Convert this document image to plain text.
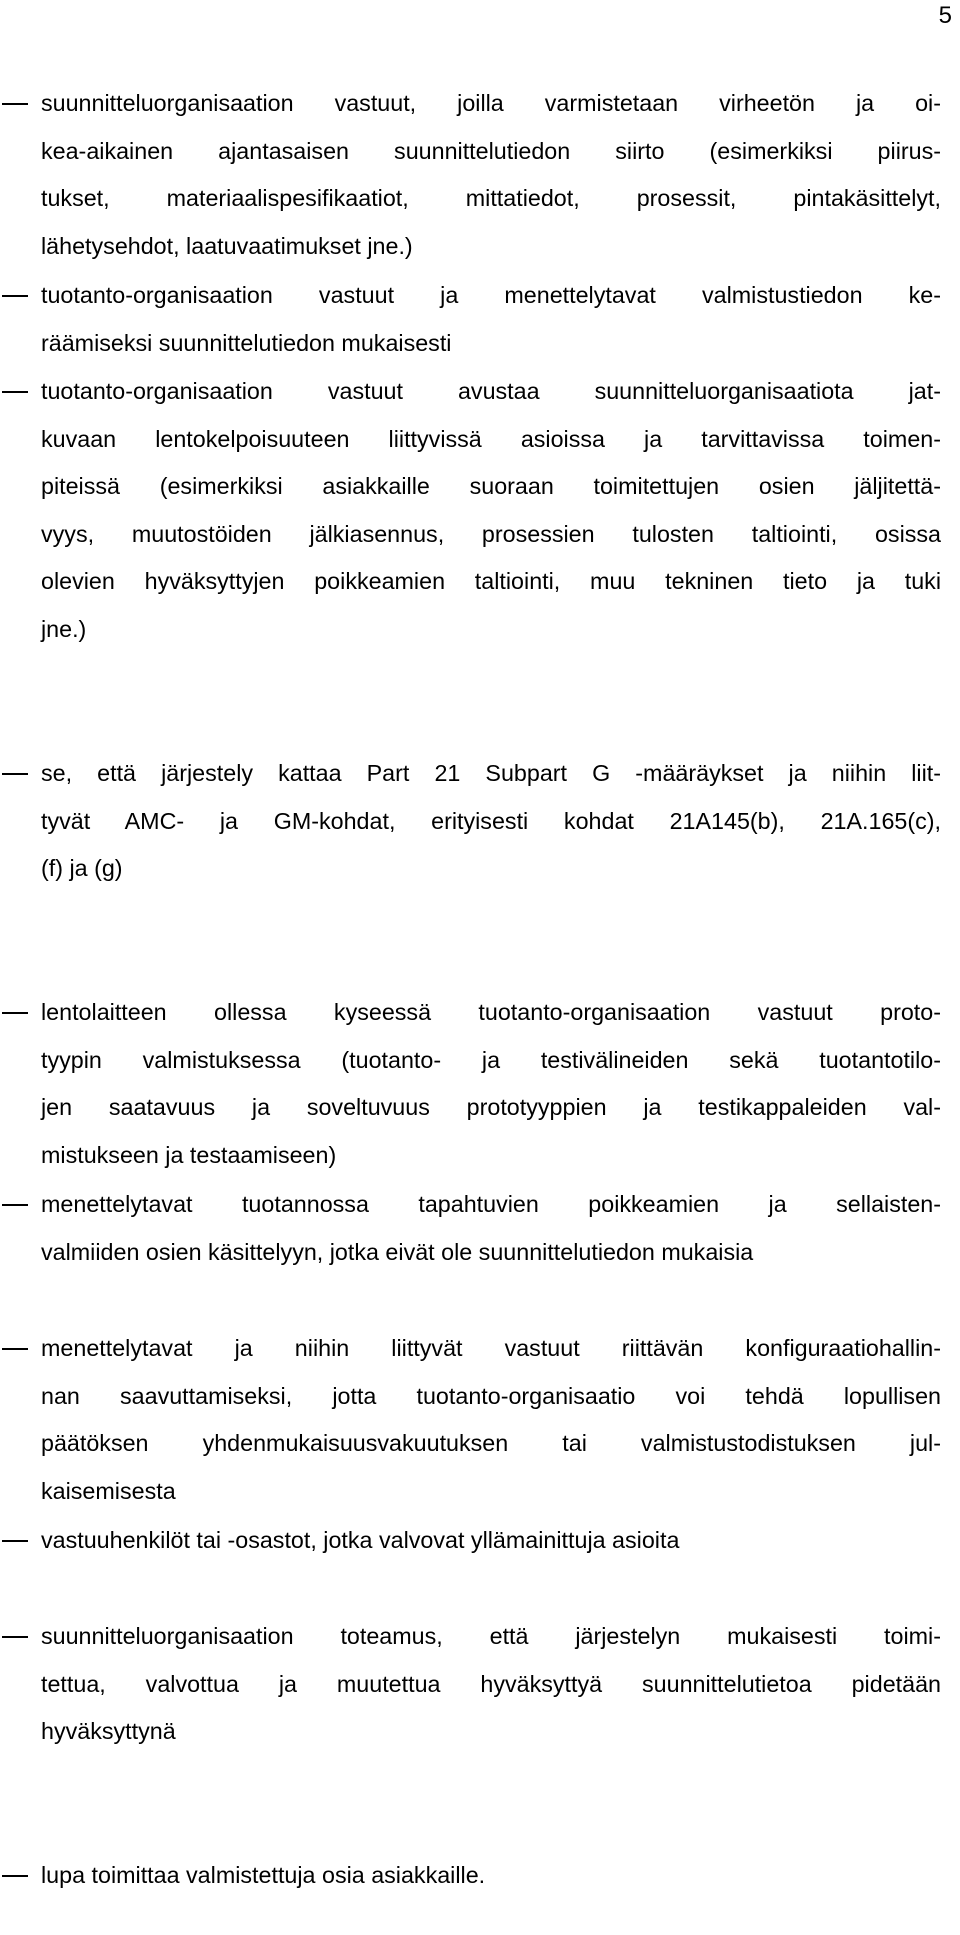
5

suunnitteluorganisaation vastuut, joilla varmistetaan virheetön ja oi-
kea-aikainen ajantasaisen suunnittelutiedon siirto (esimerkiksi piirus-
tukset, materiaalispesifikaatiot, mittatiedot, prosessit, pintakäsittelyt,
lähetysehdot, laatuvaatimukset jne.)

tuotanto-organisaation vastuut ja menettelytavat valmistustiedon ke-
räämiseksi suunnittelutiedon mukaisesti

tuotanto-organisaation vastuut avustaa suunnitteluorganisaatiota jat-
kuvaan lentokelpoisuuteen liittyvissä asioissa ja tarvittavissa toimen-
piteissä (esimerkiksi asiakkaille suoraan toimitettujen osien jäljitettä-
vyys, muutostöiden jälkiasennus, prosessien tulosten taltiointi, osissa
olevien hyväksyttyjen poikkeamien taltiointi, muu tekninen tieto ja tuki
jne.)

se, että järjestely kattaa Part 21 Subpart G -määräykset ja niihin liit-
tyvät AMC- ja GM-kohdat, erityisesti kohdat 21A145(b), 21A.165(c),
(f) ja (g)

lentolaitteen ollessa kyseessä tuotanto-organisaation vastuut proto-
tyypin valmistuksessa (tuotanto- ja testivälineiden sekä tuotantotilo-
jen saatavuus ja soveltuvuus prototyyppien ja testikappaleiden val-
mistukseen ja testaamiseen)

menettelytavat tuotannossa tapahtuvien poikkeamien ja sellaisten-
valmiiden osien käsittelyyn, jotka eivät ole suunnittelutiedon mukaisia

menettelytavat ja niihin liittyvät vastuut riittävän konfiguraatiohallin-
nan saavuttamiseksi, jotta tuotanto-organisaatio voi tehdä lopullisen
päätöksen yhdenmukaisuusvakuutuksen tai valmistustodistuksen jul-
kaisemisesta

vastuuhenkilöt tai -osastot, jotka valvovat yllämainittuja asioita

suunnitteluorganisaation toteamus, että järjestelyn mukaisesti toimi-
tettua, valvottua ja muutettua hyväksyttyä suunnittelutietoa pidetään
hyväksyttynä

lupa toimittaa valmistettuja osia asiakkaille.
